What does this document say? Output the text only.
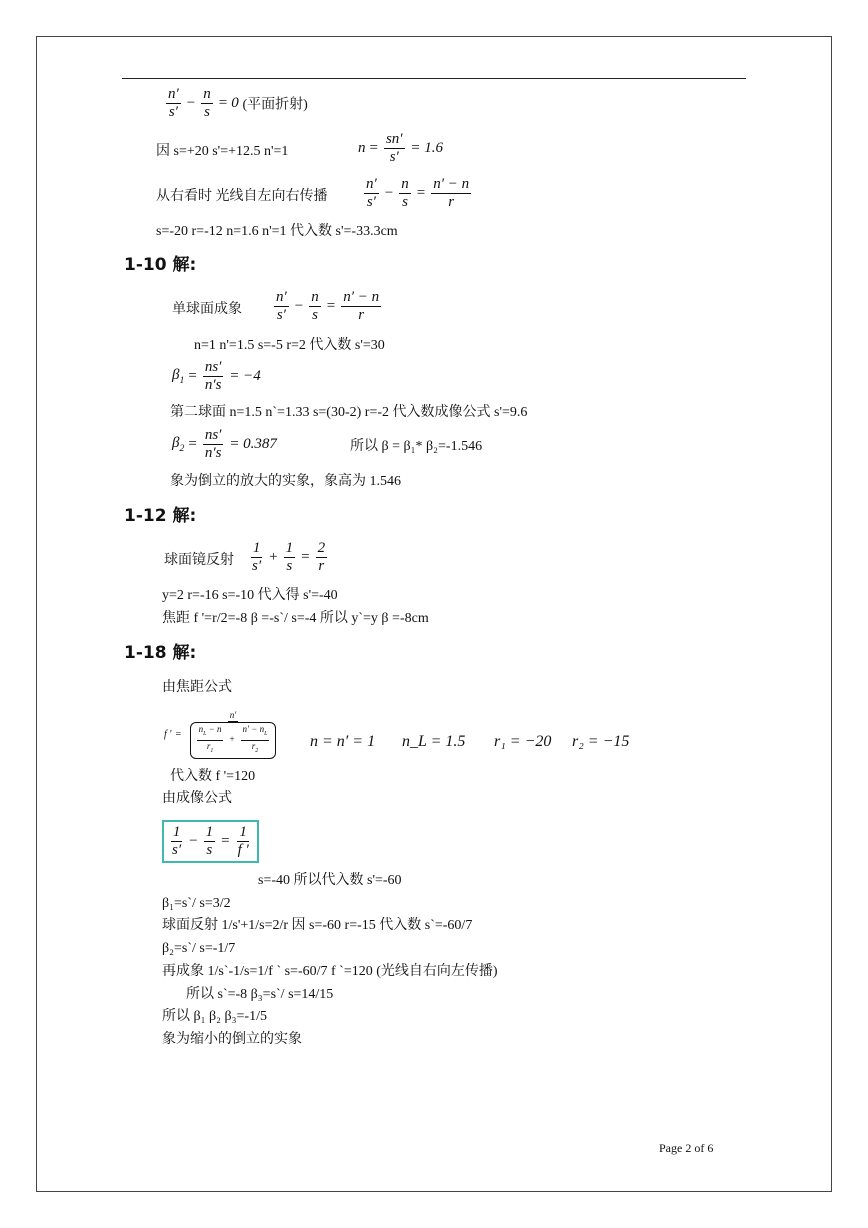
$\frac{n'}{s'} - \frac{n}{s} = 0$ (平面折射)
因 s=+20 s'=+12.5 n'=1	$n = \frac{sn'}{s'} = 1.6$
从右看时 光线自左向右传播 $\frac{n'}{s'} - \frac{n}{s} = \frac{n' - n}{r}$
s=-20 r=-12 n=1.6 n'=1 代入数 s'=-33.3cm
1-10 解:
单球面成象 $\frac{n'}{s'} - \frac{n}{s} = \frac{n' - n}{r}$
n=1 n'=1.5 s=-5 r=2 代入数 s'=30
$\beta_1 = \frac{ns'}{n's} = -4$
第二球面 n=1.5 n`=1.33 s=(30-2) r=-2 代入数成像公式 s'=9.6
$\beta_2 = \frac{ns'}{n's} = 0.387$	所以 β = β₁* β₂=-1.546
象为倒立的放大的实象，象高为 1.546
1-12 解:
球面镜反射 $\frac{1}{s'} + \frac{1}{s} = \frac{2}{r}$
y=2 r=-16 s=-10 代入得 s'=-40
焦距 f '=r/2=-8 β =-s`/ s=-4 所以 y`=y β =-8cm
1-18 解:
由焦距公式
f ′ = $\frac{n'}{\frac{n_L - n}{r_1} + \frac{n' - n_L}{r_2}}$ n = n′ = 1 n_L = 1.5 r₁ = −20 r₂ = −15
代入数 f '=120
由成像公式
$\frac{1}{s'} - \frac{1}{s} = \frac{1}{f '}$
s=-40 所以代入数 s'=-60
β₁=s`/ s=3/2
球面反射 1/s'+1/s=2/r 因 s=-60 r=-15 代入数 s`=-60/7
β₂=s`/ s=-1/7
再成象 1/s`-1/s=1/f ` s=-60/7 f `=120 (光线自右向左传播)
所以 s`=-8 β₃=s`/ s=14/15
所以 β₁ β₂ β₃=-1/5
象为缩小的倒立的实象
Page 2 of 6
